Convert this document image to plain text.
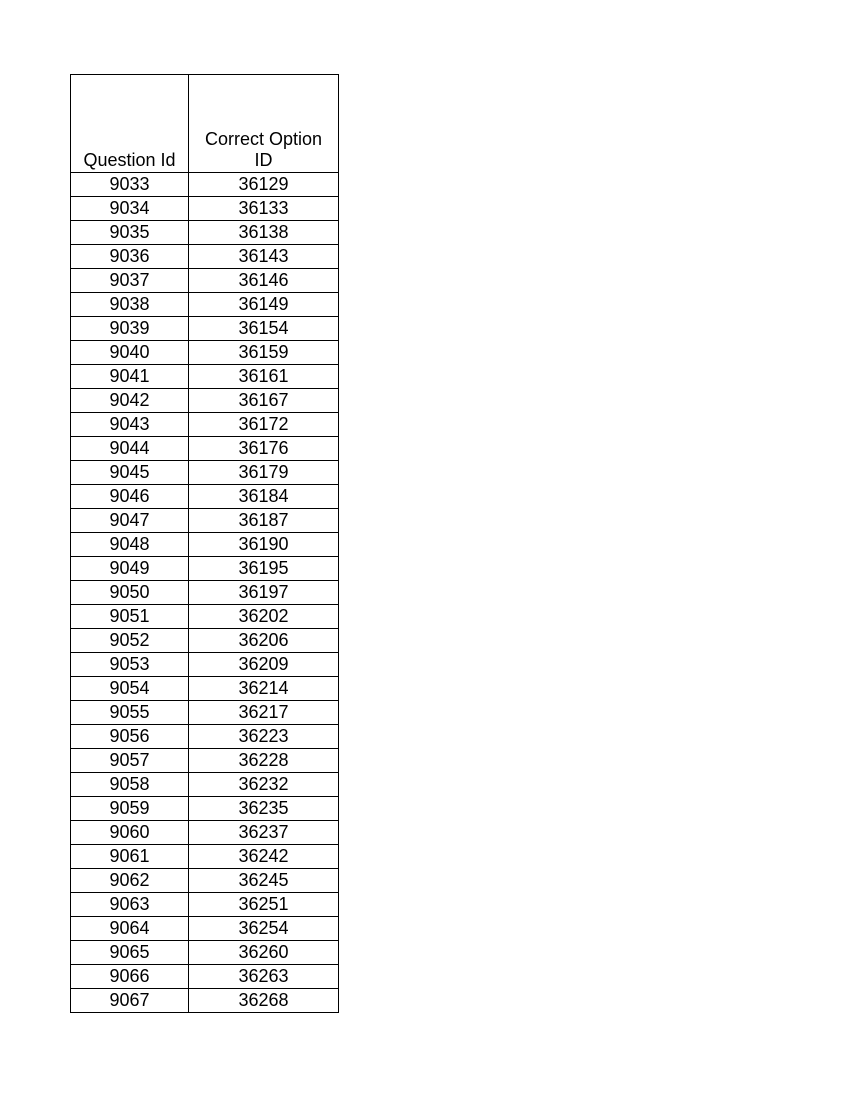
Question Id	Correct Option ID
9033	36129
9034	36133
9035	36138
9036	36143
9037	36146
9038	36149
9039	36154
9040	36159
9041	36161
9042	36167
9043	36172
9044	36176
9045	36179
9046	36184
9047	36187
9048	36190
9049	36195
9050	36197
9051	36202
9052	36206
9053	36209
9054	36214
9055	36217
9056	36223
9057	36228
9058	36232
9059	36235
9060	36237
9061	36242
9062	36245
9063	36251
9064	36254
9065	36260
9066	36263
9067	36268
